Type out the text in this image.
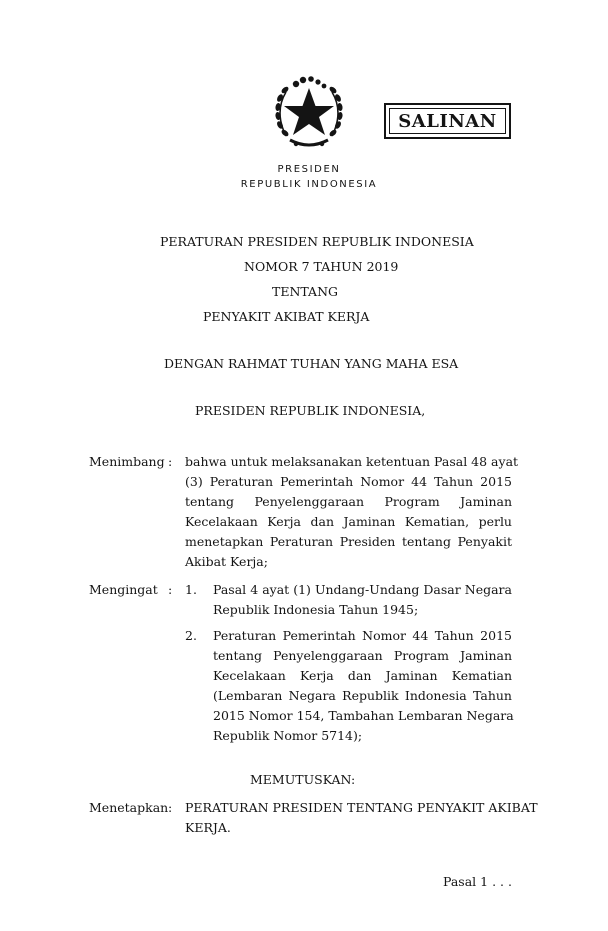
SALINAN
PRESIDEN
REPUBLIK INDONESIA
PERATURAN PRESIDEN REPUBLIK INDONESIA
NOMOR 7 TAHUN 2019
TENTANG
PENYAKIT AKIBAT KERJA
DENGAN RAHMAT TUHAN YANG MAHA ESA
PRESIDEN REPUBLIK INDONESIA,
Menimbang : bahwa untuk melaksanakan ketentuan Pasal 48 ayat
(3) Peraturan Pemerintah Nomor 44 Tahun 2015
tentang Penyelenggaraan Program Jaminan
Kecelakaan Kerja dan Jaminan Kematian, perlu
menetapkan Peraturan Presiden tentang Penyakit
Akibat Kerja;
Mengingat : 1. Pasal 4 ayat (1) Undang-Undang Dasar Negara
Republik Indonesia Tahun 1945;
2. Peraturan Pemerintah Nomor 44 Tahun 2015
tentang Penyelenggaraan Program Jaminan
Kecelakaan Kerja dan Jaminan Kematian
(Lembaran Negara Republik Indonesia Tahun
2015 Nomor 154, Tambahan Lembaran Negara
Republik Nomor 5714);
MEMUTUSKAN:
Menetapkan : PERATURAN PRESIDEN TENTANG PENYAKIT AKIBAT
KERJA.
Pasal 1 . . .
